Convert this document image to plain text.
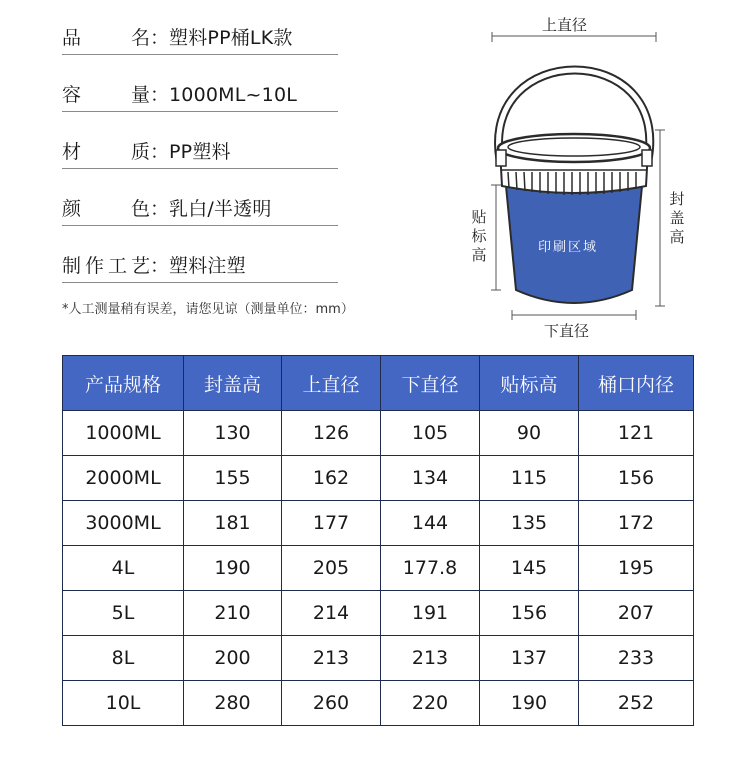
品	名 ： 塑料PP桶LK款
容	量 ： 1000ML~10L
材	质 ： PP塑料
颜	色 ： 乳白/半透明
制 作 工 艺 ： 塑料注塑
*人工测量稍有误差，请您见谅（测量单位：mm）
上直径
下直径
贴标高
封盖高
印刷区域
产品规格	封盖高	上直径	下直径	贴标高	桶口内径
1000ML	130	126	105	90	121
2000ML	155	162	134	115	156
3000ML	181	177	144	135	172
4L	190	205	177.8	145	195
5L	210	214	191	156	207
8L	200	213	213	137	233
10L	280	260	220	190	252
